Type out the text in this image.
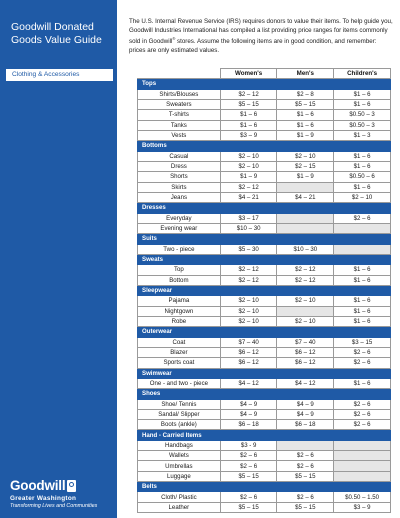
Goodwill Donated Goods Value Guide
Clothing & Accessories
Goodwill
Greater Washington
Transforming Lives and Communities

The U.S. Internal Revenue Service (IRS) requires donors to value their items. To help guide you, Goodwill Industries International has compiled a list providing price ranges for items commonly sold in Goodwill® stores. Assume the following items are in good condition, and remember: prices are only estimated values.

	Women's	Men's	Children's
Tops			
Shirts/Blouses	$2 – 12	$2 – 8	$1 – 6
Sweaters	$5 – 15	$5 – 15	$1 – 6
T-shirts	$1 – 6	$1 – 6	$0.50 – 3
Tanks	$1 – 6	$1 – 6	$0.50 – 3
Vests	$3 – 9	$1 – 9	$1 – 3
Bottoms			
Casual	$2 – 10	$2 – 10	$1 – 6
Dress	$2 – 10	$2 – 15	$1 – 6
Shorts	$1 – 9	$1 – 9	$0.50 – 6
Skirts	$2 – 12		$1 – 6
Jeans	$4 – 21	$4 – 21	$2 – 10
Dresses			
Everyday	$3 – 17		$2 – 6
Evening wear	$10 – 30		
Suits			
Two - piece	$5 – 30	$10 – 30	
Sweats			
Top	$2 – 12	$2 – 12	$1 – 6
Bottom	$2 – 12	$2 – 12	$1 – 6
Sleepwear			
Pajama	$2 – 10	$2 – 10	$1 – 6
Nightgown	$2 – 10		$1 – 6
Robe	$2 – 10	$2 – 10	$1 – 6
Outerwear			
Coat	$7 – 40	$7 – 40	$3 – 15
Blazer	$6 – 12	$6 – 12	$2 – 6
Sports coat	$6 – 12	$6 – 12	$2 – 6
Swimwear			
One - and two - piece	$4 – 12	$4 – 12	$1 – 6
Shoes			
Shoe/ Tennis	$4 – 9	$4 – 9	$2 – 6
Sandal/ Slipper	$4 – 9	$4 – 9	$2 – 6
Boots (ankle)	$6 – 18	$6 – 18	$2 – 6
Hand - Carried Items			
Handbags	$3 - 9		
Wallets	$2 – 6	$2 – 6	
Umbrellas	$2 – 6	$2 – 6	
Luggage	$5 – 15	$5 – 15	
Belts			
Cloth/ Plastic	$2 – 6	$2 – 6	$0.50 – 1.50
Leather	$5 – 15	$5 – 15	$3 – 9
